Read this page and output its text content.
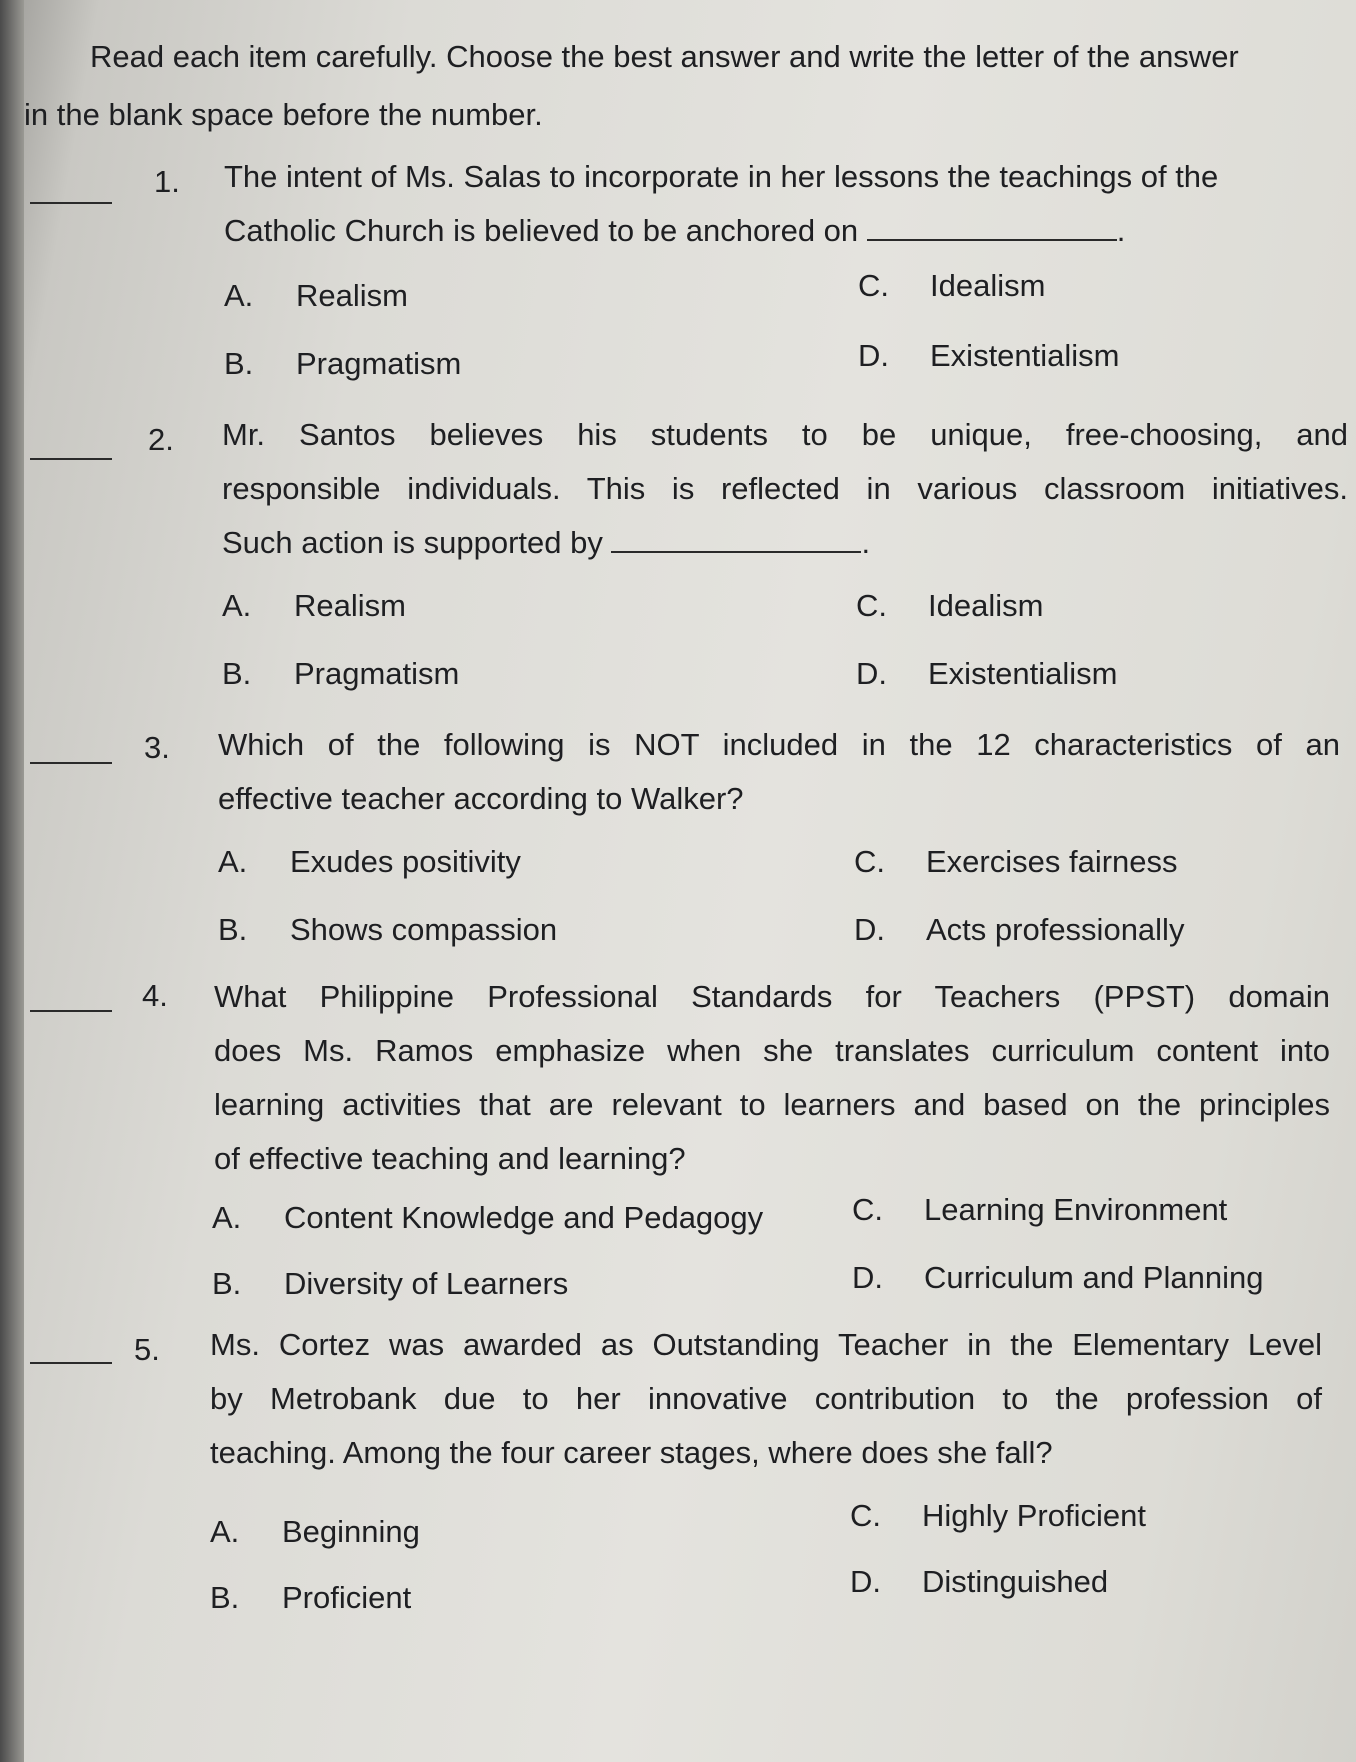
Read each item carefully. Choose the best answer and write the letter of the answer
in the blank space before the number.
1. The intent of Ms. Salas to incorporate in her lessons the teachings of the
Catholic Church is believed to be anchored on	.
A. Realism
B. Pragmatism
C. Idealism
D. Existentialism
2. Mr. Santos believes his students to be unique, free-choosing, and
responsible individuals. This is reflected in various classroom initiatives.
Such action is supported by	.
A. Realism
B. Pragmatism
C. Idealism
D. Existentialism
3. Which of the following is NOT included in the 12 characteristics of an
effective teacher according to Walker?
A. Exudes positivity
B. Shows compassion
C. Exercises fairness
D. Acts professionally
4. What Philippine Professional Standards for Teachers (PPST) domain
does Ms. Ramos emphasize when she translates curriculum content into
learning activities that are relevant to learners and based on the principles
of effective teaching and learning?
A. Content Knowledge and Pedagogy
B. Diversity of Learners
C. Learning Environment
D. Curriculum and Planning
5. Ms. Cortez was awarded as Outstanding Teacher in the Elementary Level
by Metrobank due to her innovative contribution to the profession of
teaching. Among the four career stages, where does she fall?
A. Beginning
B. Proficient
C. Highly Proficient
D. Distinguished
